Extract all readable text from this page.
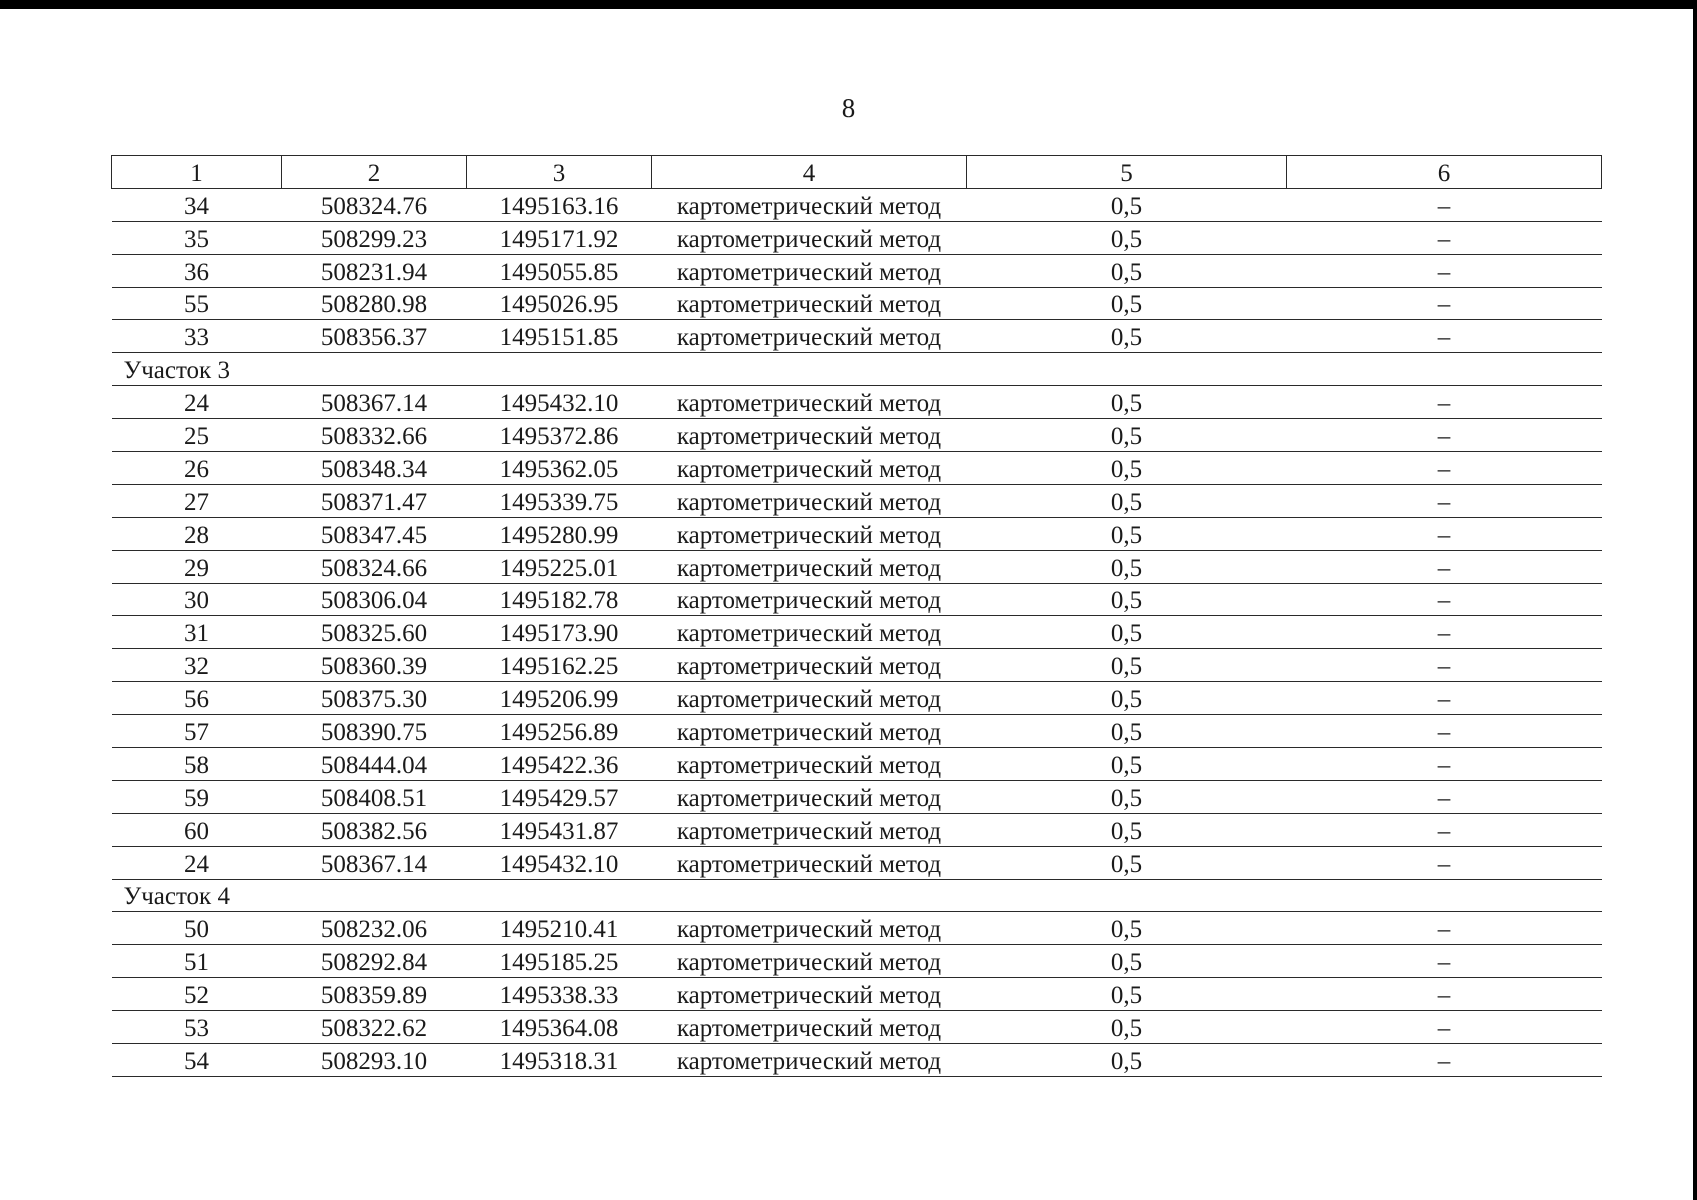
8
1	2	3	4	5	6
34	508324.76	1495163.16	картометрический метод	0,5	–
35	508299.23	1495171.92	картометрический метод	0,5	–
36	508231.94	1495055.85	картометрический метод	0,5	–
55	508280.98	1495026.95	картометрический метод	0,5	–
33	508356.37	1495151.85	картометрический метод	0,5	–
Участок 3					
24	508367.14	1495432.10	картометрический метод	0,5	–
25	508332.66	1495372.86	картометрический метод	0,5	–
26	508348.34	1495362.05	картометрический метод	0,5	–
27	508371.47	1495339.75	картометрический метод	0,5	–
28	508347.45	1495280.99	картометрический метод	0,5	–
29	508324.66	1495225.01	картометрический метод	0,5	–
30	508306.04	1495182.78	картометрический метод	0,5	–
31	508325.60	1495173.90	картометрический метод	0,5	–
32	508360.39	1495162.25	картометрический метод	0,5	–
56	508375.30	1495206.99	картометрический метод	0,5	–
57	508390.75	1495256.89	картометрический метод	0,5	–
58	508444.04	1495422.36	картометрический метод	0,5	–
59	508408.51	1495429.57	картометрический метод	0,5	–
60	508382.56	1495431.87	картометрический метод	0,5	–
24	508367.14	1495432.10	картометрический метод	0,5	–
Участок 4					
50	508232.06	1495210.41	картометрический метод	0,5	–
51	508292.84	1495185.25	картометрический метод	0,5	–
52	508359.89	1495338.33	картометрический метод	0,5	–
53	508322.62	1495364.08	картометрический метод	0,5	–
54	508293.10	1495318.31	картометрический метод	0,5	–
